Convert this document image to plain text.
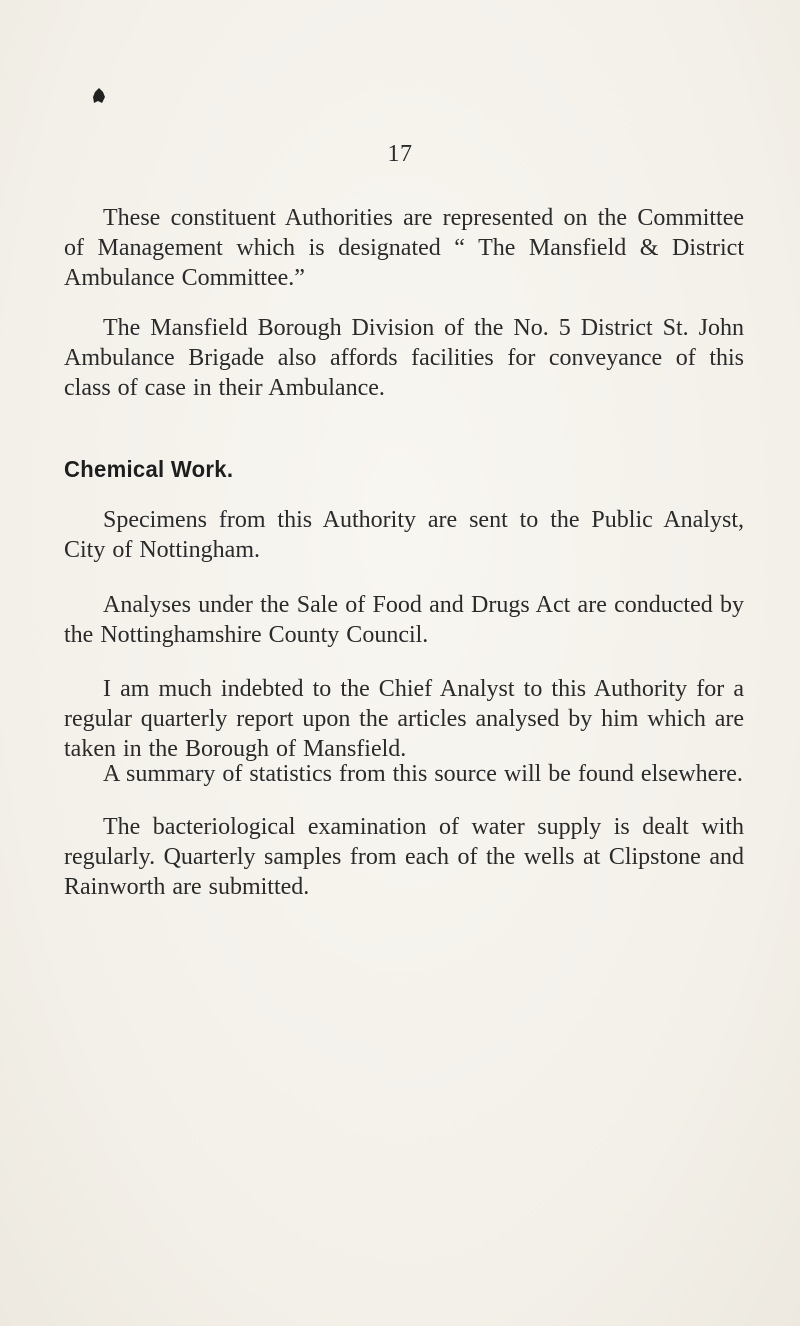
17

These constituent Authorities are represented on the Committee of Management which is designated “ The Mansfield & District Ambulance Committee.”

The Mansfield Borough Division of the No. 5 District St. John Ambulance Brigade also affords facilities for conveyance of this class of case in their Ambulance.

Chemical Work.

Specimens from this Authority are sent to the Public Analyst, City of Nottingham.

Analyses under the Sale of Food and Drugs Act are conducted by the Nottinghamshire County Council.

I am much indebted to the Chief Analyst to this Authority for a regular quarterly report upon the articles analysed by him which are taken in the Borough of Mansfield.

A summary of statistics from this source will be found elsewhere.

The bacteriological examination of water supply is dealt with regularly. Quarterly samples from each of the wells at Clipstone and Rainworth are submitted.
